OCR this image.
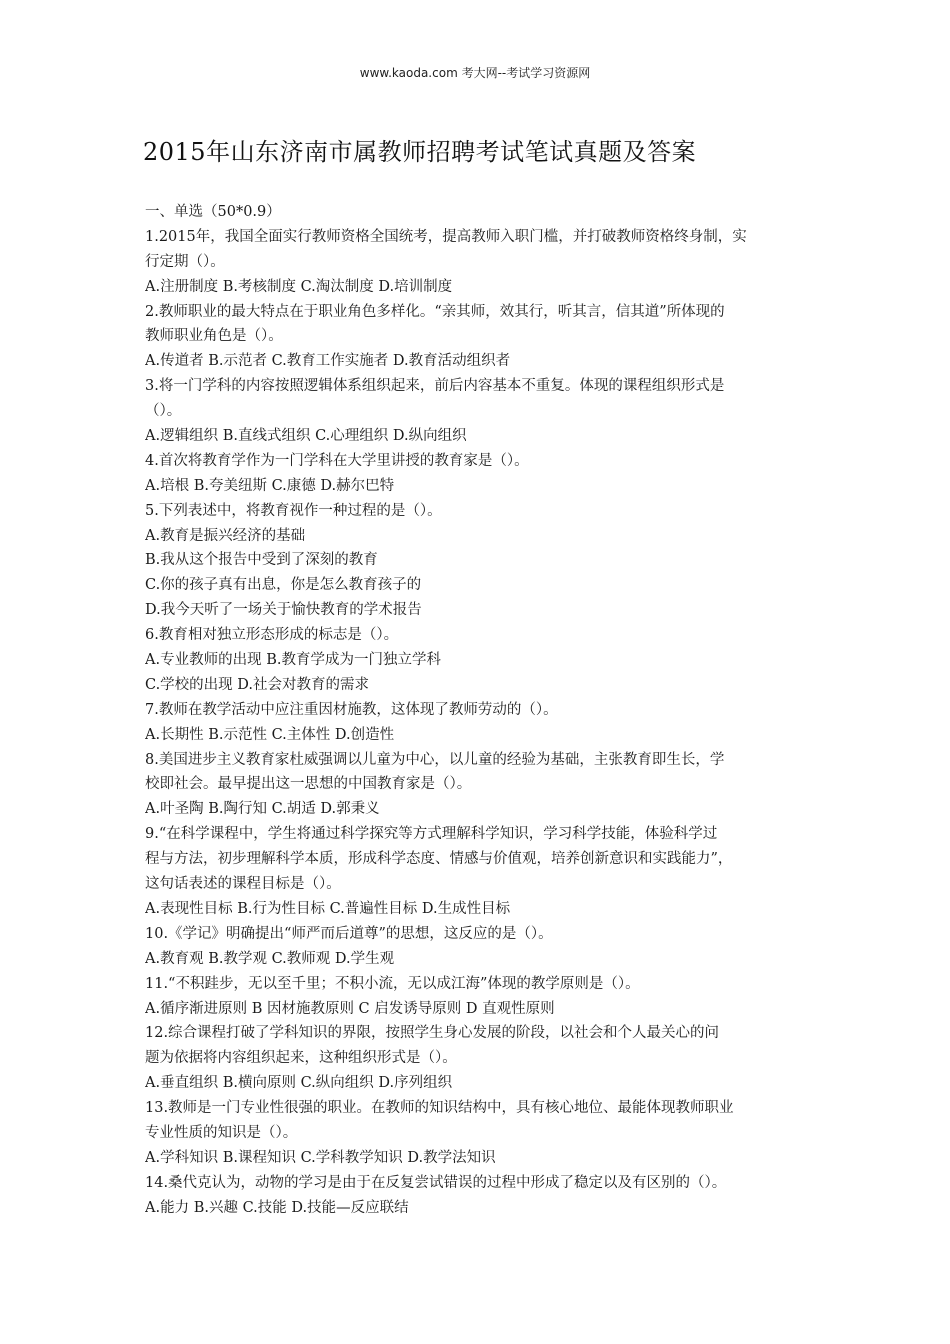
www.kaoda.com 考大网--考试学习资源网
2015年山东济南市属教师招聘考试笔试真题及答案
一、单选（50*0.9）
1.2015年，我国全面实行教师资格全国统考，提高教师入职门槛，并打破教师资格终身制，实
行定期（）。
A.注册制度 B.考核制度 C.淘汰制度 D.培训制度
2.教师职业的最大特点在于职业角色多样化。“亲其师，效其行，听其言，信其道”所体现的
教师职业角色是（）。
A.传道者 B.示范者 C.教育工作实施者 D.教育活动组织者
3.将一门学科的内容按照逻辑体系组织起来，前后内容基本不重复。体现的课程组织形式是
（）。
A.逻辑组织 B.直线式组织 C.心理组织 D.纵向组织
4.首次将教育学作为一门学科在大学里讲授的教育家是（）。
A.培根 B.夸美纽斯 C.康德 D.赫尔巴特
5.下列表述中，将教育视作一种过程的是（）。
A.教育是振兴经济的基础
B.我从这个报告中受到了深刻的教育
C.你的孩子真有出息，你是怎么教育孩子的
D.我今天听了一场关于愉快教育的学术报告
6.教育相对独立形态形成的标志是（）。
A.专业教师的出现 B.教育学成为一门独立学科
C.学校的出现 D.社会对教育的需求
7.教师在教学活动中应注重因材施教，这体现了教师劳动的（）。
A.长期性 B.示范性 C.主体性 D.创造性
8.美国进步主义教育家杜威强调以儿童为中心，以儿童的经验为基础，主张教育即生长，学
校即社会。最早提出这一思想的中国教育家是（）。
A.叶圣陶 B.陶行知 C.胡适 D.郭秉义
9.“在科学课程中，学生将通过科学探究等方式理解科学知识，学习科学技能，体验科学过
程与方法，初步理解科学本质，形成科学态度、情感与价值观，培养创新意识和实践能力”，
这句话表述的课程目标是（）。
A.表现性目标 B.行为性目标 C.普遍性目标 D.生成性目标
10.《学记》明确提出“师严而后道尊”的思想，这反应的是（）。
A.教育观 B.教学观 C.教师观 D.学生观
11.“不积跬步，无以至千里；不积小流，无以成江海”体现的教学原则是（）。
A.循序渐进原则 B 因材施教原则 C 启发诱导原则 D 直观性原则
12.综合课程打破了学科知识的界限，按照学生身心发展的阶段，以社会和个人最关心的问
题为依据将内容组织起来，这种组织形式是（）。
A.垂直组织 B.横向原则 C.纵向组织 D.序列组织
13.教师是一门专业性很强的职业。在教师的知识结构中，具有核心地位、最能体现教师职业
专业性质的知识是（）。
A.学科知识 B.课程知识 C.学科教学知识 D.教学法知识
14.桑代克认为，动物的学习是由于在反复尝试错误的过程中形成了稳定以及有区别的（）。
A.能力 B.兴趣 C.技能 D.技能—反应联结
